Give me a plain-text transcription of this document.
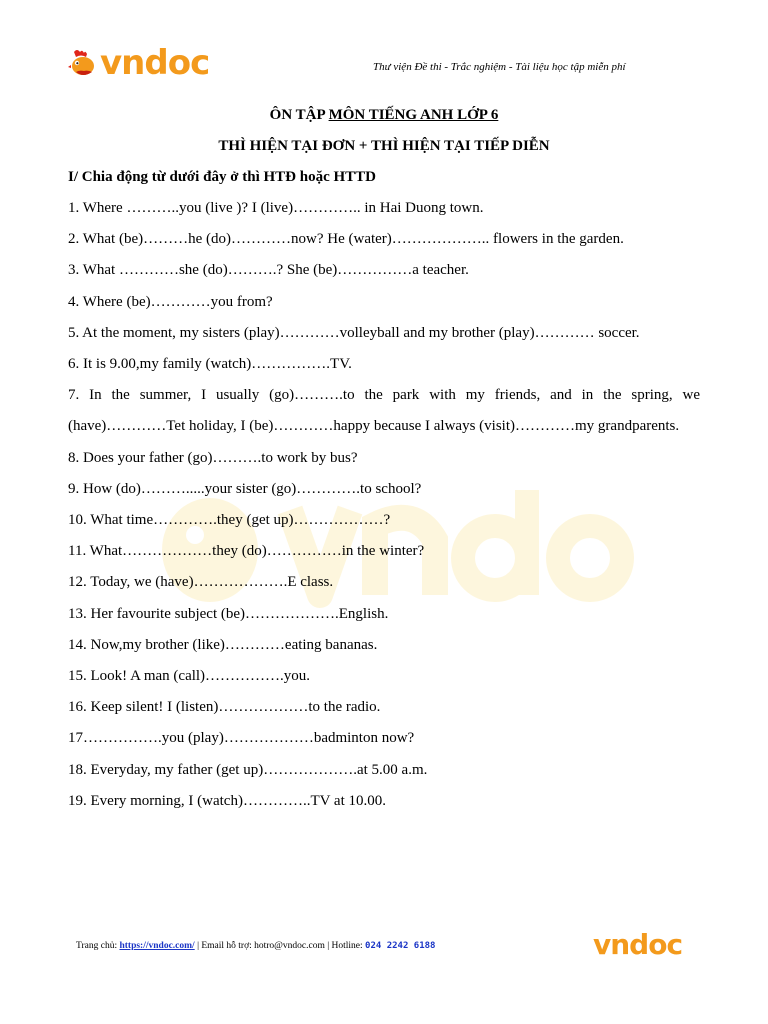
vndoc	Thư viện Đề thi - Trắc nghiệm - Tài liệu học tập miễn phí
ÔN TẬP MÔN TIẾNG ANH LỚP 6
THÌ HIỆN TẠI ĐƠN + THÌ HIỆN TẠI TIẾP DIỄN
I/ Chia động từ dưới đây ở thì HTĐ hoặc HTTD
1. Where ………..you (live )? I (live)………….. in Hai Duong town.
2. What (be)………he (do)…………now? He (water)……………….. flowers in the garden.
3. What …………she (do)……….? She (be)……………a teacher.
4. Where (be)…………you from?
5. At the moment, my sisters (play)…………volleyball and my brother (play)………… soccer.
6. It is 9.00,my family (watch)…………….TV.
7. In the summer, I usually (go)……….to the park with my friends, and in the spring, we (have)…………Tet holiday, I (be)…………happy because I always (visit)…………my grandparents.
8. Does your father (go)……….to work by bus?
9. How (do)……….....your sister (go)………….to school?
10. What time………….they (get up)………………?
11. What………………they (do)……………in the winter?
12. Today, we (have)……………….E class.
13. Her favourite subject (be)……………….English.
14. Now,my brother (like)…………eating bananas.
15. Look! A man (call)…………….you.
16. Keep silent! I (listen)………………to the radio.
17…………….you (play)………………badminton now?
18. Everyday, my father (get up)……………….at 5.00 a.m.
19. Every morning, I (watch)…………..TV at 10.00.
Trang chủ: https://vndoc.com/ | Email hỗ trợ: hotro@vndoc.com | Hotline: 024 2242 6188	vndoc
